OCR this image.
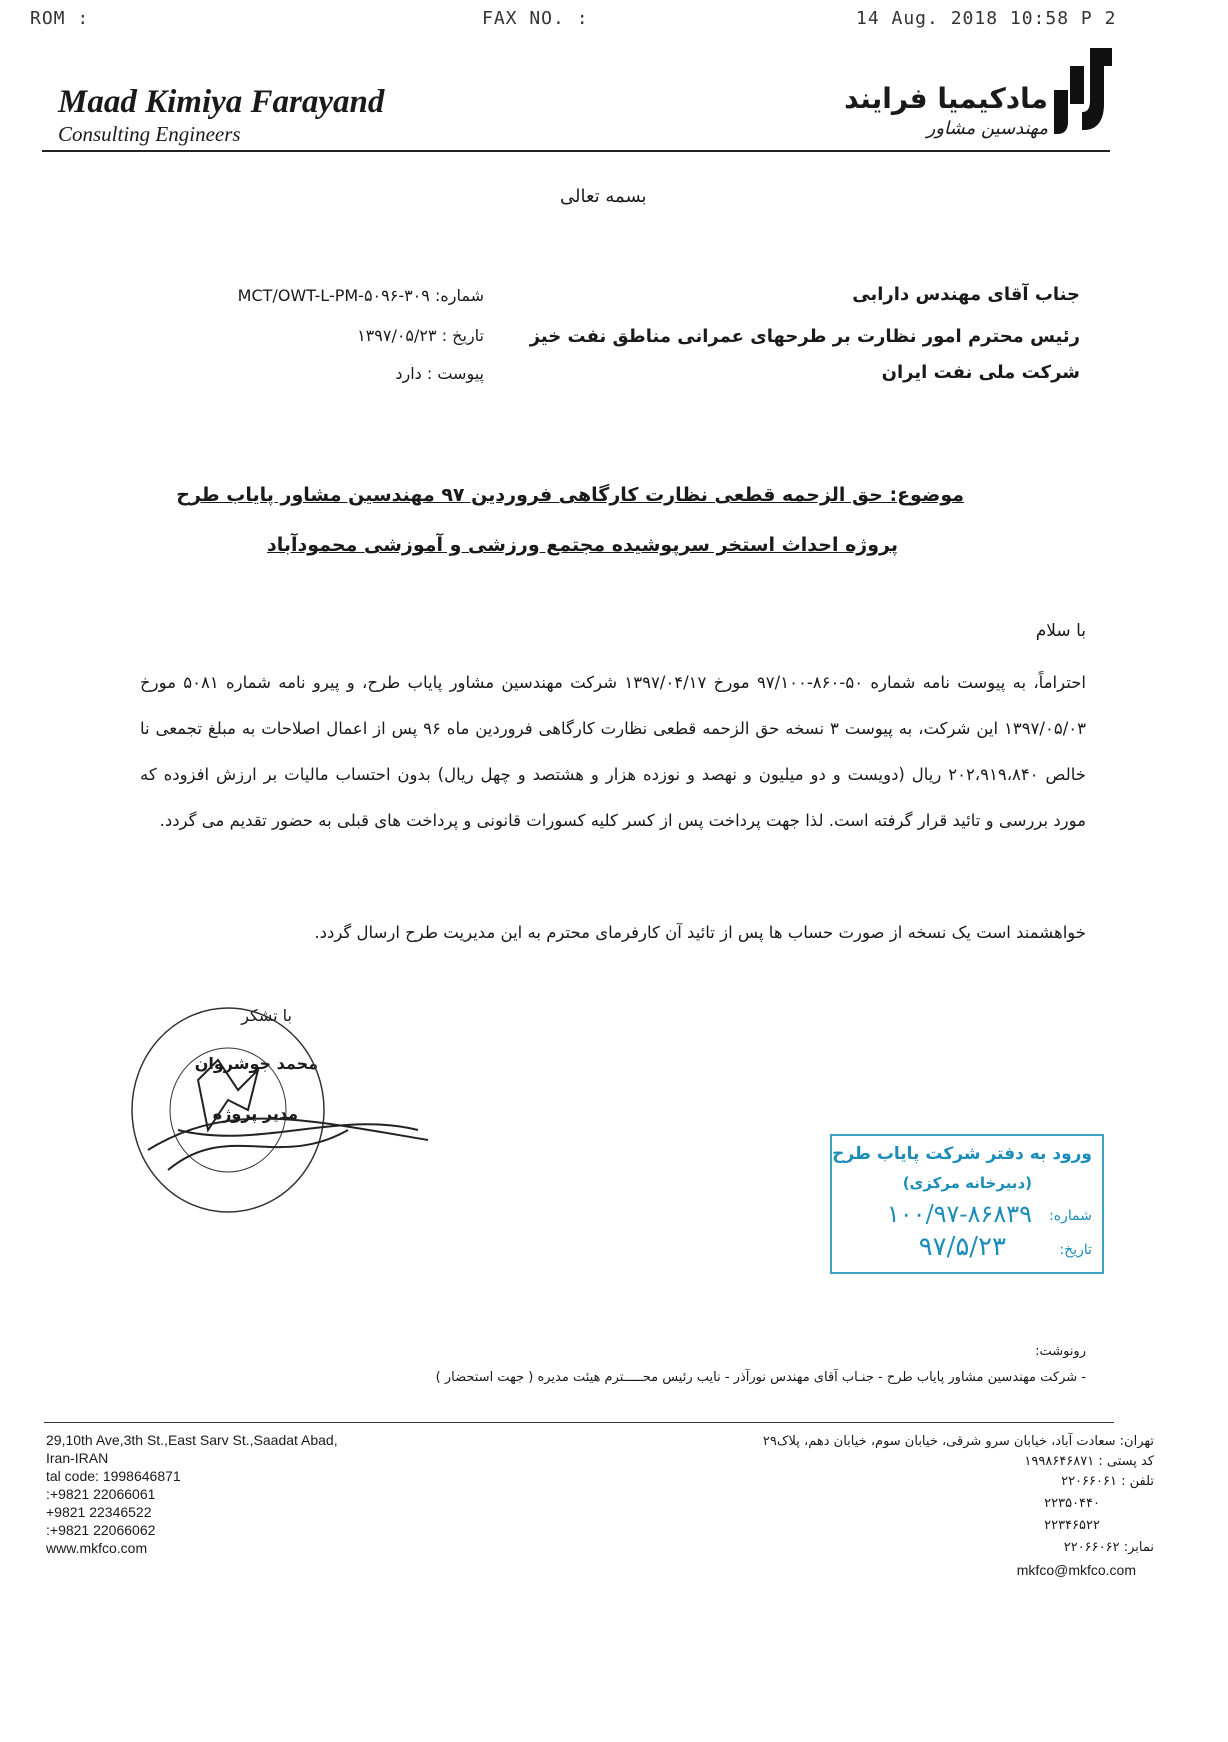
ROM :	FAX NO. :	14 Aug. 2018 10:58 P 2
Maad Kimiya Farayand
Consulting Engineers
مادکیمیا فرایند
مهندسین مشاور
بسمه تعالی
جناب آقای مهندس دارابی
رئیس محترم امور نظارت بر طرحهای عمرانی مناطق نفت خیز
شرکت ملی نفت ایران
شماره: MCT/OWT-L-PM-۵۰۹۶-۳۰۹
تاریخ : ۱۳۹۷/۰۵/۲۳
پیوست : دارد
موضوع: حق الزحمه قطعی نظارت کارگاهی فروردین ۹۷ مهندسین مشاور پایاب طرح
پروژه احداث استخر سرپوشیده مجتمع ورزشی و آموزشی محمودآباد
با سلام
احتراماً، به پیوست نامه شماره ۵۰-۸۶۰-۹۷/۱۰۰ مورخ ۱۳۹۷/۰۴/۱۷ شرکت مهندسین مشاور پایاب طرح، و پیرو نامه شماره ۵۰۸۱ مورخ ۱۳۹۷/۰۵/۰۳ این شرکت، به پیوست ۳ نسخه حق الزحمه قطعی نظارت کارگاهی فروردین ماه ۹۶ پس از اعمال اصلاحات به مبلغ تجمعی نا خالص ۲۰۲،۹۱۹،۸۴۰ ریال (دویست و دو میلیون و نهصد و نوزده هزار و هشتصد و چهل ریال) بدون احتساب مالیات بر ارزش افزوده که مورد بررسی و تائید قرار گرفته است. لذا جهت پرداخت پس از کسر کلیه کسورات قانونی و پرداخت های قبلی به حضور تقدیم می گردد.
خواهشمند است یک نسخه از صورت حساب ها پس از تائید آن کارفرمای محترم به این مدیریت طرح ارسال گردد.
با تشکر
محمد جوشروان
مدیر پروژه
ورود به دفتر شرکت پایاب طرح
(دبیرخانه مرکزی)
شماره:
۱۰۰/۹۷-۸۶۸۳۹
تاریخ:
۹۷/۵/۲۳
رونوشت:
- شرکت مهندسین مشاور پایاب طرح - جنـاب آقای مهندس نورآذر - نایب رئیس محـــــترم هیئت مدیره ( جهت استحضار )
29,10th Ave,3th St.,East Sarv St.,Saadat Abad,
Iran-IRAN
tal code: 1998646871
:+9821 22066061
+9821 22346522
:+9821 22066062
www.mkfco.com
تهران: سعادت آباد، خیابان سرو شرقی، خیابان سوم، خیابان دهم، پلاک۲۹
کد پستی : ۱۹۹۸۶۴۶۸۷۱
تلفن : ۲۲۰۶۶۰۶۱
۲۲۳۵۰۴۴۰
۲۲۳۴۶۵۲۲
نمابر: ۲۲۰۶۶۰۶۲
mkfco@mkfco.com
